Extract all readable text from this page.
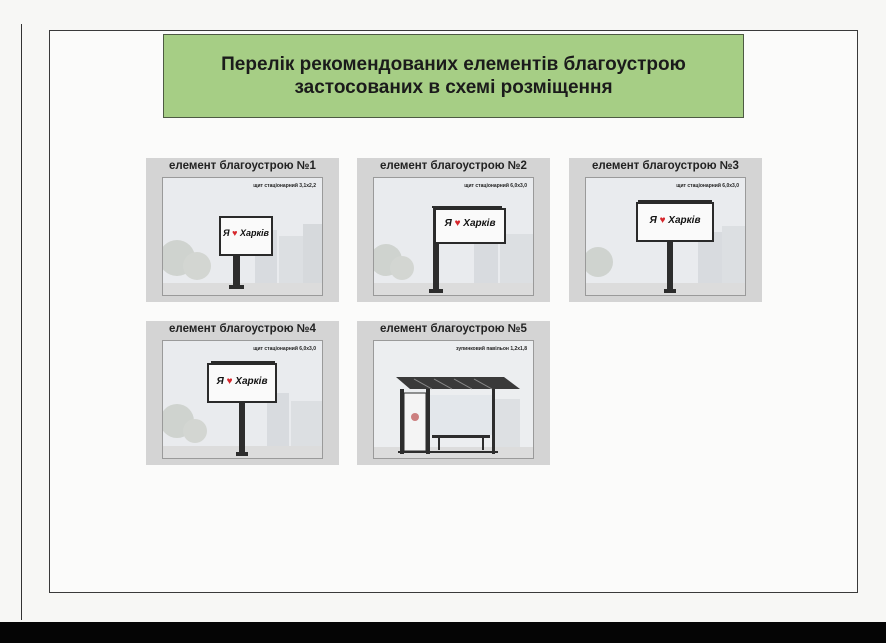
Перелік рекомендованих елементів благоустрою
застосованих в схемі розміщення
елемент благоустрою №1
Я ♥ Харків
щит стаціонарний 3,1х2,2
елемент благоустрою №2
Я ♥ Харків
щит стаціонарний 6,0х3,0
елемент благоустрою №3
Я ♥ Харків
щит стаціонарний 6,0х3,0
елемент благоустрою №4
Я ♥ Харків
щит стаціонарний 6,0х3,0
елемент благоустрою №5
зупинковий павільон 1,2х1,8
